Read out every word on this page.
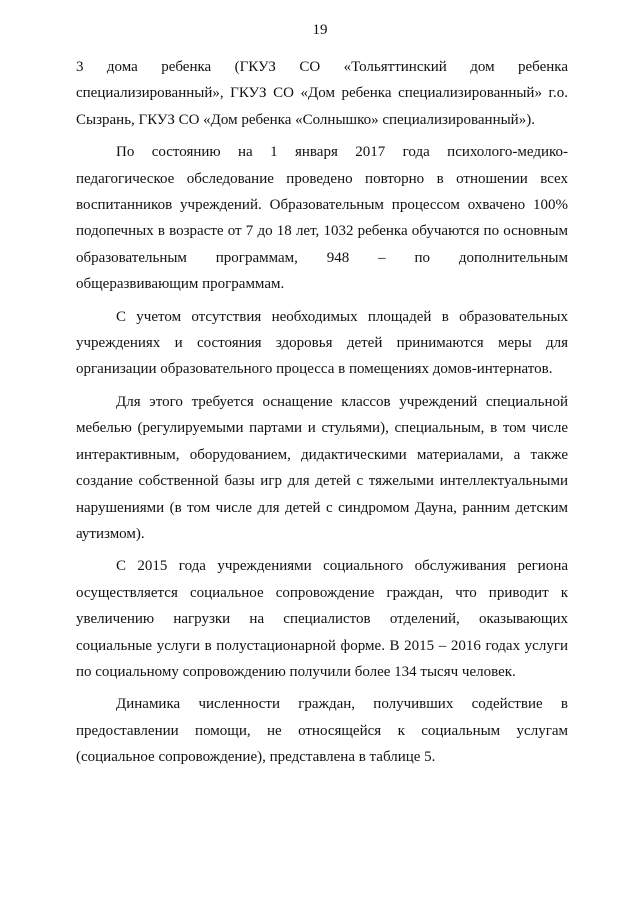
19

3 дома ребенка (ГКУЗ СО «Тольяттинский дом ребенка специализированный», ГКУЗ СО «Дом ребенка специализированный» г.о. Сызрань, ГКУЗ СО «Дом ребенка «Солнышко» специализированный»).

По состоянию на 1 января 2017 года психолого-медико-педагогическое обследование проведено повторно в отношении всех воспитанников учреждений. Образовательным процессом охвачено 100% подопечных в возрасте от 7 до 18 лет, 1032 ребенка обучаются по основным образовательным программам, 948 – по дополнительным общеразвивающим программам.

С учетом отсутствия необходимых площадей в образовательных учреждениях и состояния здоровья детей принимаются меры для организации образовательного процесса в помещениях домов-интернатов.

Для этого требуется оснащение классов учреждений специальной мебелью (регулируемыми партами и стульями), специальным, в том числе интерактивным, оборудованием, дидактическими материалами, а также создание собственной базы игр для детей с тяжелыми интеллектуальными нарушениями (в том числе для детей с синдромом Дауна, ранним детским аутизмом).

С 2015 года учреждениями социального обслуживания региона осуществляется социальное сопровождение граждан, что приводит к увеличению нагрузки на специалистов отделений, оказывающих социальные услуги в полустационарной форме. В 2015 – 2016 годах услуги по социальному сопровождению получили более 134 тысяч человек.

Динамика численности граждан, получивших содействие в предоставлении помощи, не относящейся к социальным услугам (социальное сопровождение), представлена в таблице 5.
